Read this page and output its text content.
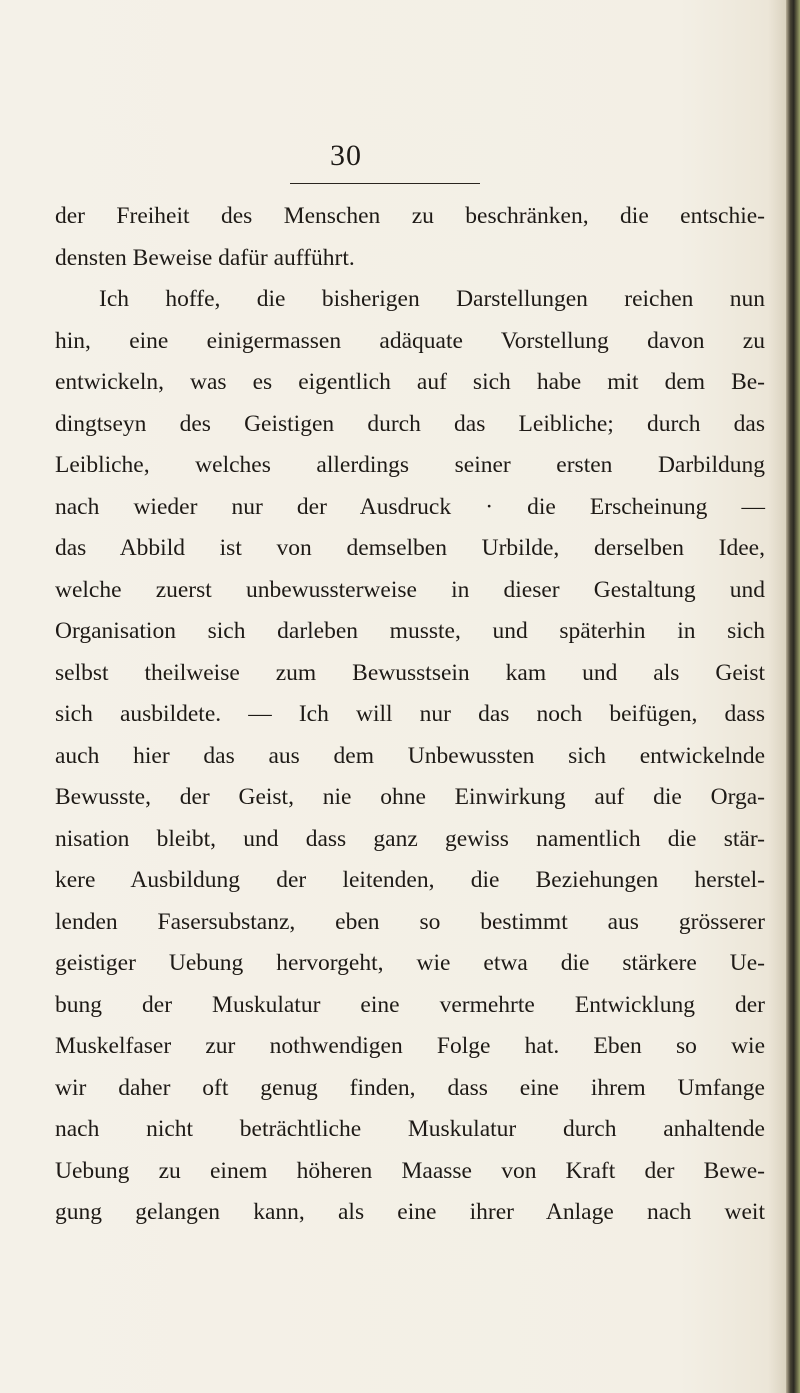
30
der Freiheit des Menschen zu beschränken, die entschie-
densten Beweise dafür aufführt.
Ich hoffe, die bisherigen Darstellungen reichen nun
hin, eine einigermassen adäquate Vorstellung davon zu
entwickeln, was es eigentlich auf sich habe mit dem Be-
dingtseyn des Geistigen durch das Leibliche; durch das
Leibliche, welches allerdings seiner ersten Darbildung
nach wieder nur der Ausdruck · die Erscheinung —
das Abbild ist von demselben Urbilde, derselben Idee,
welche zuerst unbewussterweise in dieser Gestaltung und
Organisation sich darleben musste, und späterhin in sich
selbst theilweise zum Bewusstsein kam und als Geist
sich ausbildete. — Ich will nur das noch beifügen, dass
auch hier das aus dem Unbewussten sich entwickelnde
Bewusste, der Geist, nie ohne Einwirkung auf die Orga-
nisation bleibt, und dass ganz gewiss namentlich die stär-
kere Ausbildung der leitenden, die Beziehungen herstel-
lenden Fasersubstanz, eben so bestimmt aus grösserer
geistiger Uebung hervorgeht, wie etwa die stärkere Ue-
bung der Muskulatur eine vermehrte Entwicklung der
Muskelfaser zur nothwendigen Folge hat. Eben so wie
wir daher oft genug finden, dass eine ihrem Umfange
nach nicht beträchtliche Muskulatur durch anhaltende
Uebung zu einem höheren Maasse von Kraft der Bewe-
gung gelangen kann, als eine ihrer Anlage nach weit
